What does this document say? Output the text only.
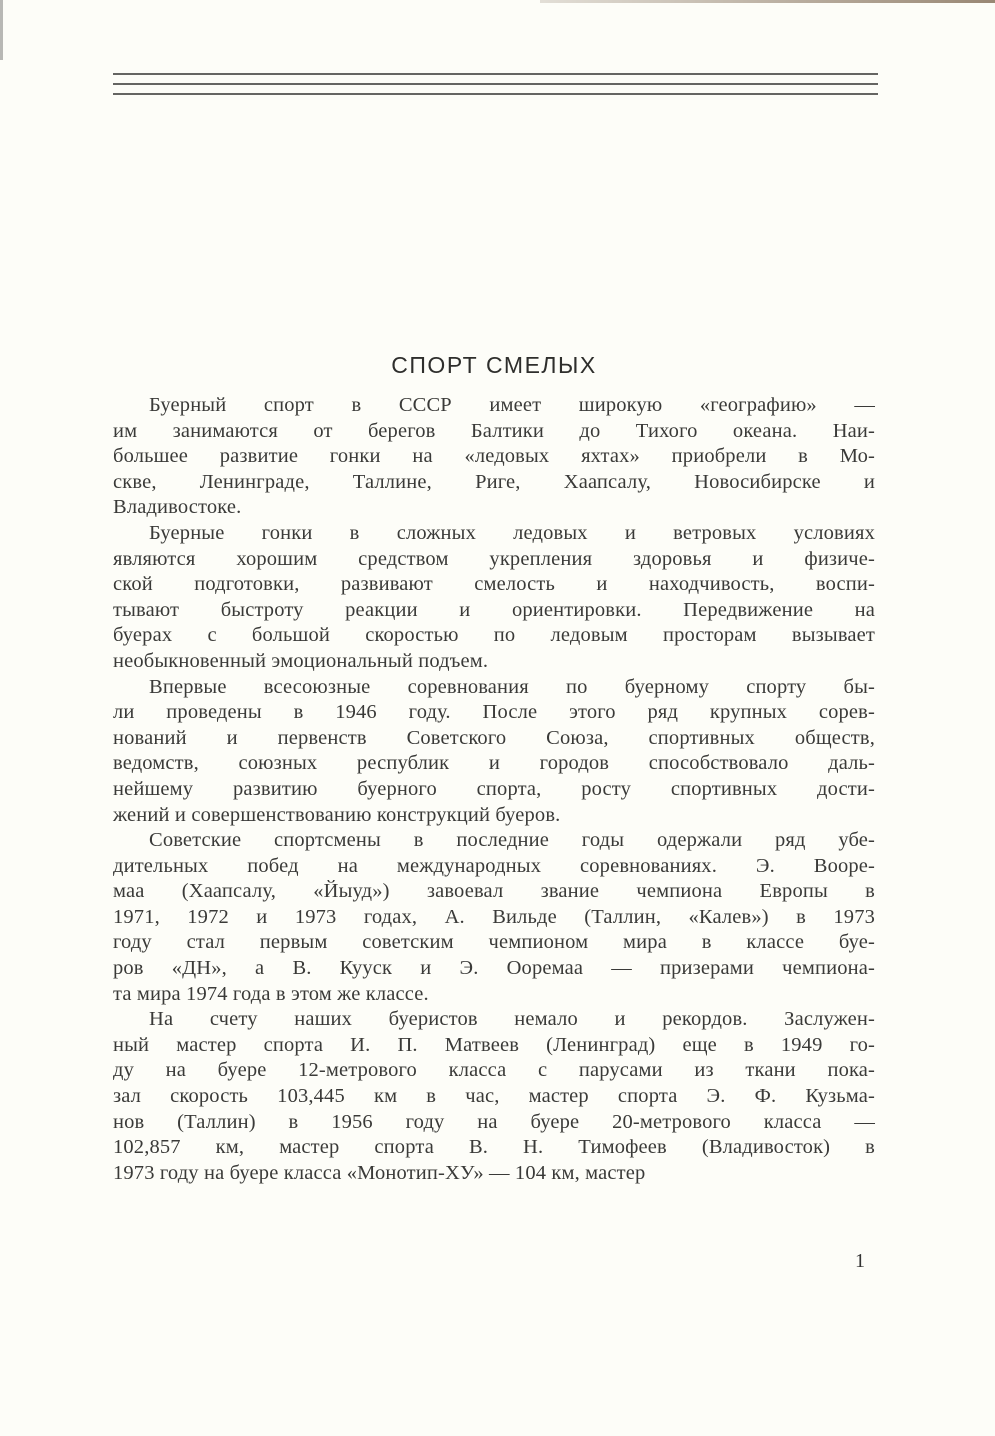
СПОРТ СМЕЛЫХ

Буерный спорт в СССР имеет широкую «географию» —
им занимаются от берегов Балтики до Тихого океана. Наи-
большее развитие гонки на «ледовых яхтах» приобрели в Мо-
скве, Ленинграде, Таллине, Риге, Хаапсалу, Новосибирске и
Владивостоке.

Буерные гонки в сложных ледовых и ветровых условиях
являются хорошим средством укрепления здоровья и физиче-
ской подготовки, развивают смелость и находчивость, воспи-
тывают быстроту реакции и ориентировки. Передвижение на
буерах с большой скоростью по ледовым просторам вызывает
необыкновенный эмоциональный подъем.

Впервые всесоюзные соревнования по буерному спорту бы-
ли проведены в 1946 году. После этого ряд крупных сорев-
нований и первенств Советского Союза, спортивных обществ,
ведомств, союзных республик и городов способствовало даль-
нейшему развитию буерного спорта, росту спортивных дости-
жений и совершенствованию конструкций буеров.

Советские спортсмены в последние годы одержали ряд убе-
дительных побед на международных соревнованиях. Э. Вооре-
маа (Хаапсалу, «Йыуд») завоевал звание чемпиона Европы в
1971, 1972 и 1973 годах, А. Вильде (Таллин, «Калев») в 1973
году стал первым советским чемпионом мира в классе буе-
ров «ДН», а В. Кууск и Э. Ооремаа — призерами чемпиона-
та мира 1974 года в этом же классе.

На счету наших буеристов немало и рекордов. Заслужен-
ный мастер спорта И. П. Матвеев (Ленинград) еще в 1949 го-
ду на буере 12-метрового класса с парусами из ткани пока-
зал скорость 103,445 км в час, мастер спорта Э. Ф. Кузьма-
нов (Таллин) в 1956 году на буере 20-метрового класса —
102,857 км, мастер спорта В. Н. Тимофеев (Владивосток) в
1973 году на буере класса «Монотип-ХУ» — 104 км, мастер

1
